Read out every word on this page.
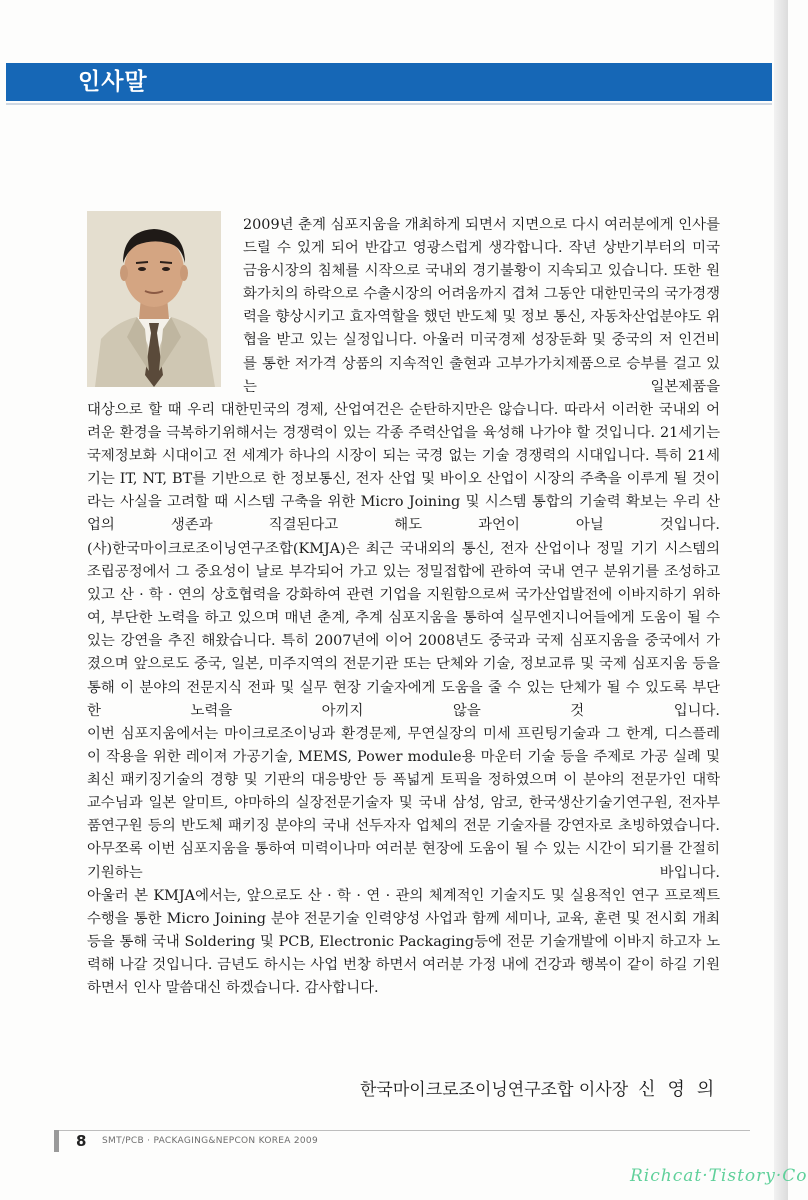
인사말

2009년 춘계 심포지움을 개최하게 되면서 지면으로 다시 여러분에게 인사를 드릴 수 있게 되어 반갑고 영광스럽게 생각합니다. 작년 상반기부터의 미국 금융시장의 침체를 시작으로 국내외 경기불황이 지속되고 있습니다. 또한 원화가치의 하락으로 수출시장의 어려움까지 겹쳐 그동안 대한민국의 국가경쟁력을 향상시키고 효자역할을 했던 반도체 및 정보 통신, 자동차산업분야도 위협을 받고 있는 실정입니다. 아울러 미국경제 성장둔화 및 중국의 저 인건비를 통한 저가격 상품의 지속적인 출현과 고부가가치제품으로 승부를 걸고 있는 일본제품을

대상으로 할 때 우리 대한민국의 경제, 산업여건은 순탄하지만은 않습니다. 따라서 이러한 국내외 어려운 환경을 극복하기위해서는 경쟁력이 있는 각종 주력산업을 육성해 나가야 할 것입니다. 21세기는 국제정보화 시대이고 전 세계가 하나의 시장이 되는 국경 없는 기술 경쟁력의 시대입니다. 특히 21세기는 IT, NT, BT를 기반으로 한 정보통신, 전자 산업 및 바이오 산업이 시장의 주축을 이루게 될 것이라는 사실을 고려할 때 시스템 구축을 위한 Micro Joining 및 시스템 통합의 기술력 확보는 우리 산업의 생존과 직결된다고 해도 과언이 아닐 것입니다.

(사)한국마이크로조이닝연구조합(KMJA)은 최근 국내외의 통신, 전자 산업이나 정밀 기기 시스템의 조립공정에서 그 중요성이 날로 부각되어 가고 있는 정밀접합에 관하여 국내 연구 분위기를 조성하고 있고 산 · 학 · 연의 상호협력을 강화하여 관련 기업을 지원함으로써 국가산업발전에 이바지하기 위하여, 부단한 노력을 하고 있으며 매년 춘계, 추계 심포지움을 통하여 실무엔지니어들에게 도움이 될 수 있는 강연을 추진 해왔습니다. 특히 2007년에 이어 2008년도 중국과 국제 심포지움을 중국에서 가졌으며 앞으로도 중국, 일본, 미주지역의 전문기관 또는 단체와 기술, 정보교류 및 국제 심포지움 등을 통해 이 분야의 전문지식 전파 및 실무 현장 기술자에게 도움을 줄 수 있는 단체가 될 수 있도록 부단한 노력을 아끼지 않을 것 입니다.

이번 심포지움에서는 마이크로조이닝과 환경문제, 무연실장의 미세 프린팅기술과 그 한계, 디스플레이 작용을 위한 레이져 가공기술, MEMS, Power module용 마운터 기술 등을 주제로 가공 실례 및 최신 패키징기술의 경향 및 기판의 대응방안 등 폭넓게 토픽을 정하였으며 이 분야의 전문가인 대학 교수님과 일본 알미트, 야마하의 실장전문기술자 및 국내 삼성, 암코, 한국생산기술기연구원, 전자부품연구원 등의 반도체 패키징 분야의 국내 선두자자 업체의 전문 기술자를 강연자로 초빙하였습니다. 아무쪼록 이번 심포지움을 통하여 미력이나마 여러분 현장에 도움이 될 수 있는 시간이 되기를 간절히 기원하는 바입니다.

아울러 본 KMJA에서는, 앞으로도 산 · 학 · 연 · 관의 체계적인 기술지도 및 실용적인 연구 프로젝트 수행을 통한 Micro Joining 분야 전문기술 인력양성 사업과 함께 세미나, 교육, 훈련 및 전시회 개최 등을 통해 국내 Soldering 및 PCB, Electronic Packaging등에 전문 기술개발에 이바지 하고자 노력해 나갈 것입니다. 금년도 하시는 사업 번창 하면서 여러분 가정 내에 건강과 행복이 같이 하길 기원하면서 인사 말씀대신 하겠습니다. 감사합니다.

한국마이크로조이닝연구조합 이사장 신영의
8 SMT/PCB · PACKAGING&NEPCON KOREA 2009
Richcat·Tistory·Co
